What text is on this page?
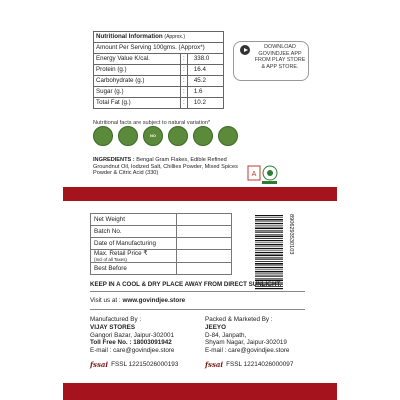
Nutritional Information (Approx.)		
Amount Per Serving 100gms. (Approx*)		
Energy Value K/cal.	:	338.0
Protein (g.)	:	16.4
Carbohydrate (g.)	:	45.2
Sugar (g.)	:	1.6
Total Fat (g.)	:	10.2
Nutritional facts are subject to natural variation*
DOWNLOAD
GOVINDJEE APP
FROM PLAY STORE
& APP STORE.
NO
INGREDIENTS : Bengal Gram Flakes, Edible Refined Groundnut Oil, Iodized Salt, Chillies Powder, Mixed Spices Powder & Citric Acid (330)	A
Net Weight	
Batch No.	
Date of Manufacturing	

Max. Retail Price ₹
(Incl of all Taxes)	

Best Before	
8906293530103
KEEP IN A COOL & DRY PLACE AWAY FROM DIRECT SUNLIGHT.
Visit us at : www.govindjee.store
Manufactured By :
VIJAY STORES
Gangori Bazar, Jaipur-302001
Toll Free No. : 18003091942
E-mail : care@govindjee.store
Packed & Marketed By :
JEEYO
D-84, Janpath,
Shyam Nagar, Jaipur-302019
E-mail : care@govindjee.store
fssai FSSL 12215026000193	fssai FSSL 12214026000097
